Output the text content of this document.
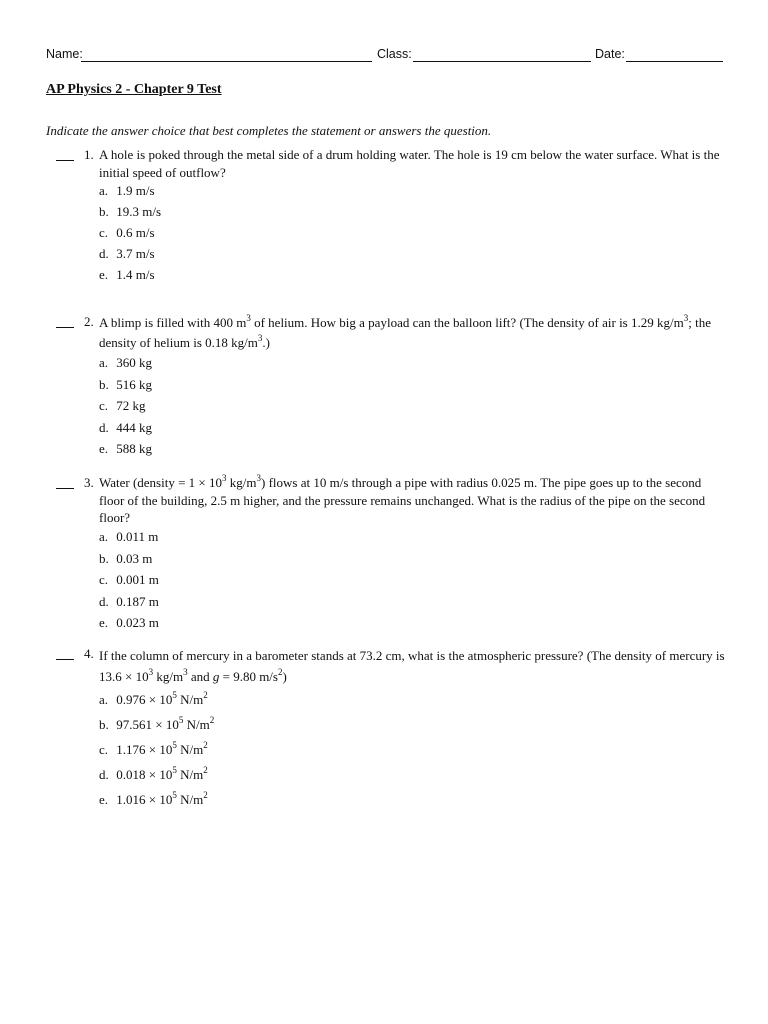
Name:	Class:	Date:
AP Physics 2 - Chapter 9 Test
Indicate the answer choice that best completes the statement or answers the question.
1. A hole is poked through the metal side of a drum holding water. The hole is 19 cm below the water surface. What is the initial speed of outflow?
a. 1.9 m/s
b. 19.3 m/s
c. 0.6 m/s
d. 3.7 m/s
e. 1.4 m/s
2. A blimp is filled with 400 $m^3$ of helium. How big a payload can the balloon lift? (The density of air is 1.29 $kg/m^3$; the density of helium is 0.18 $kg/m^3$.)
a. 360 kg
b. 516 kg
c. 72 kg
d. 444 kg
e. 588 kg
3. Water (density = $1 \times 10^3$ $kg/m^3$) flows at 10 m/s through a pipe with radius 0.025 m. The pipe goes up to the second floor of the building, 2.5 m higher, and the pressure remains unchanged. What is the radius of the pipe on the second floor?
a. 0.011 m
b. 0.03 m
c. 0.001 m
d. 0.187 m
e. 0.023 m
4. If the column of mercury in a barometer stands at 73.2 cm, what is the atmospheric pressure? (The density of mercury is $13.6 \times 10^3$ $kg/m^3$ and g = 9.80 $m/s^2$)
a. $0.976 \times 10^5$ $N/m^2$
b. $97.561 \times 10^5$ $N/m^2$
c. $1.176 \times 10^5$ $N/m^2$
d. $0.018 \times 10^5$ $N/m^2$
e. $1.016 \times 10^5$ $N/m^2$
